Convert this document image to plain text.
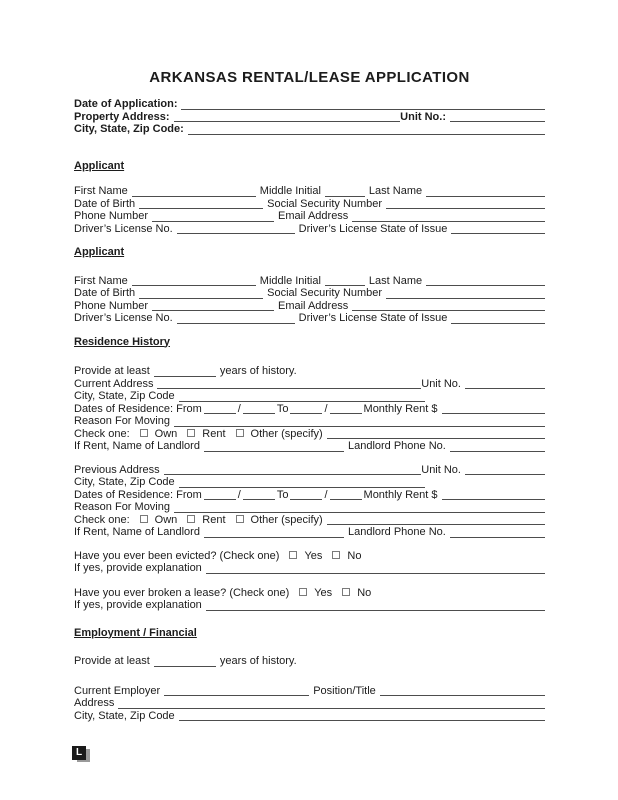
ARKANSAS RENTAL/LEASE APPLICATION
Date of Application:
Property Address:	Unit No.:
City, State, Zip Code:
Applicant
First Name	Middle Initial	Last Name
Date of Birth	Social Security Number
Phone Number	Email Address
Driver’s License No.	Driver’s License State of Issue
Applicant
First Name	Middle Initial	Last Name
Date of Birth	Social Security Number
Phone Number	Email Address
Driver’s License No.	Driver’s License State of Issue
Residence History
Provide at least	years of history.
Current Address	Unit No.
City, State, Zip Code
Dates of Residence: From	/	To	/	Monthly Rent $
Reason For Moving
Check one: Own Rent Other (specify)
If Rent, Name of Landlord	Landlord Phone No.
Previous Address	Unit No.
City, State, Zip Code
Dates of Residence: From	/	To	/	Monthly Rent $
Reason For Moving
Check one: Own Rent Other (specify)
If Rent, Name of Landlord	Landlord Phone No.
Have you ever been evicted? (Check one) Yes No
If yes, provide explanation
Have you ever broken a lease? (Check one) Yes No
If yes, provide explanation
Employment / Financial
Provide at least	years of history.
Current Employer	Position/Title
Address
City, State, Zip Code
L
